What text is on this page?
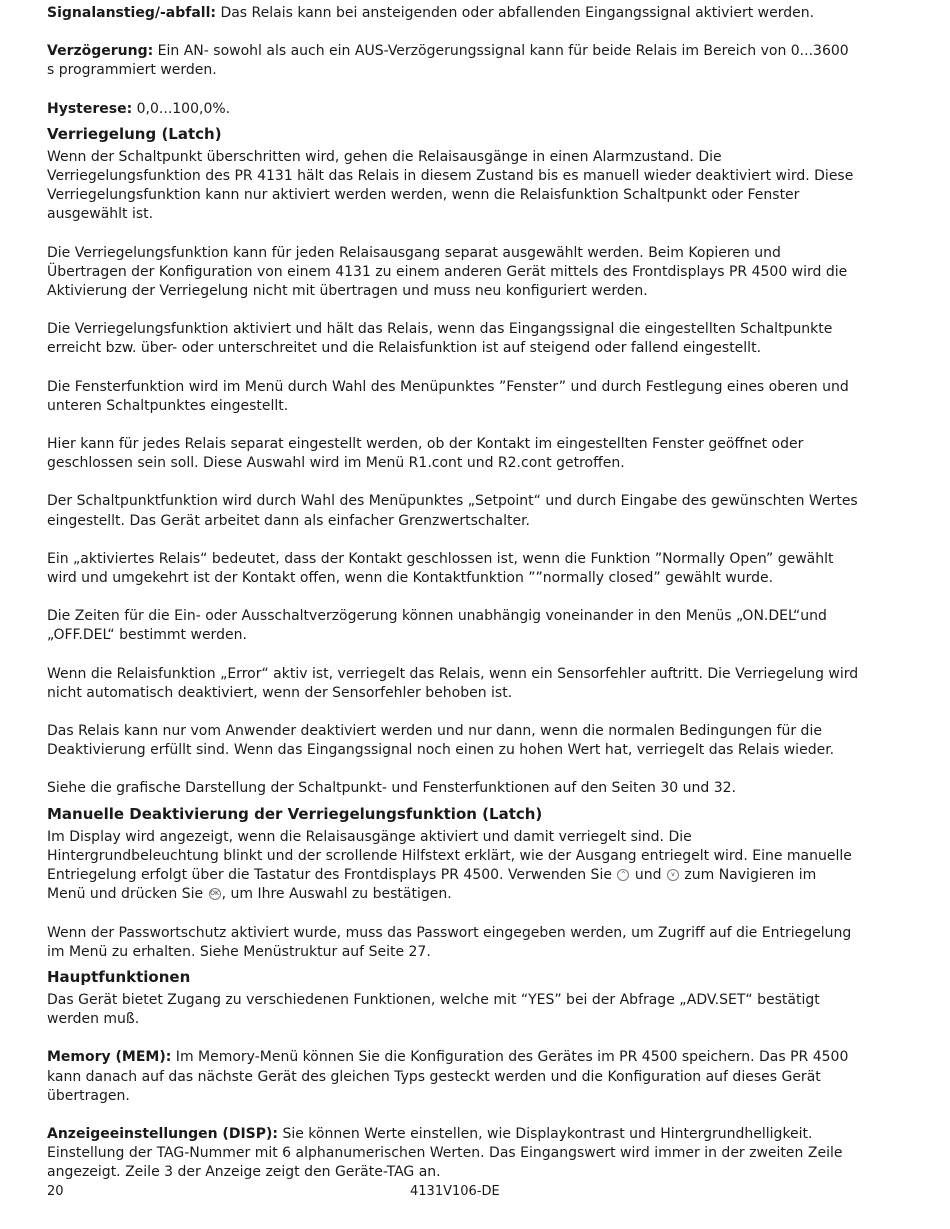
Signalanstieg/-abfall: Das Relais kann bei ansteigenden oder abfallenden Eingangssignal aktiviert werden.

Verzögerung: Ein AN- sowohl als auch ein AUS-Verzögerungssignal kann für beide Relais im Bereich von 0...3600 s programmiert werden.

Hysterese: 0,0...100,0%.

Verriegelung (Latch)

Wenn der Schaltpunkt überschritten wird, gehen die Relaisausgänge in einen Alarmzustand. Die Verriegelungsfunktion des PR 4131 hält das Relais in diesem Zustand bis es manuell wieder deaktiviert wird. Diese Verriegelungsfunktion kann nur aktiviert werden werden, wenn die Relaisfunktion Schaltpunkt oder Fenster ausgewählt ist.

Die Verriegelungsfunktion kann für jeden Relaisausgang separat ausgewählt werden. Beim Kopieren und Übertragen der Konfiguration von einem 4131 zu einem anderen Gerät mittels des Frontdisplays PR 4500 wird die Aktivierung der Verriegelung nicht mit übertragen und muss neu konfiguriert werden.

Die Verriegelungsfunktion aktiviert und hält das Relais, wenn das Eingangssignal die eingestellten Schaltpunkte erreicht bzw. über- oder unterschreitet und die Relaisfunktion ist auf steigend oder fallend eingestellt.

Die Fensterfunktion wird im Menü durch Wahl des Menüpunktes ”Fenster” und durch Festlegung eines oberen und unteren Schaltpunktes eingestellt.

Hier kann für jedes Relais separat eingestellt werden, ob der Kontakt im eingestellten Fenster geöffnet oder geschlossen sein soll. Diese Auswahl wird im Menü R1.cont und R2.cont getroffen.

Der Schaltpunktfunktion wird durch Wahl des Menüpunktes „Setpoint“ und durch Eingabe des gewünschten Wertes eingestellt. Das Gerät arbeitet dann als einfacher Grenzwertschalter.

Ein „aktiviertes Relais“ bedeutet, dass der Kontakt geschlossen ist, wenn die Funktion ”Normally Open” gewählt wird und umgekehrt ist der Kontakt offen, wenn die Kontaktfunktion ””normally closed” gewählt wurde.

Die Zeiten für die Ein- oder Ausschaltverzögerung können unabhängig voneinander in den Menüs „ON.DEL“und „OFF.DEL“ bestimmt werden.

Wenn die Relaisfunktion „Error“ aktiv ist, verriegelt das Relais, wenn ein Sensorfehler auftritt. Die Verriegelung wird nicht automatisch deaktiviert, wenn der Sensorfehler behoben ist.

Das Relais kann nur vom Anwender deaktiviert werden und nur dann, wenn die normalen Bedingungen für die Deaktivierung erfüllt sind. Wenn das Eingangssignal noch einen zu hohen Wert hat, verriegelt das Relais wieder.

Siehe die grafische Darstellung der Schaltpunkt- und Fensterfunktionen auf den Seiten 30 und 32.

Manuelle Deaktivierung der Verriegelungsfunktion (Latch)

Im Display wird angezeigt, wenn die Relaisausgänge aktiviert und damit verriegelt sind. Die Hintergrundbeleuchtung blinkt und der scrollende Hilfstext erklärt, wie der Ausgang entriegelt wird. Eine manuelle Entriegelung erfolgt über die Tastatur des Frontdisplays PR 4500. Verwenden Sie ^ und v zum Navigieren im Menü und drücken Sie OK , um Ihre Auswahl zu bestätigen.

Wenn der Passwortschutz aktiviert wurde, muss das Passwort eingegeben werden, um Zugriff auf die Entriegelung im Menü zu erhalten. Siehe Menüstruktur auf Seite 27.

Hauptfunktionen

Das Gerät bietet Zugang zu verschiedenen Funktionen, welche mit “YES” bei der Abfrage „ADV.SET“ bestätigt werden muß.

Memory (MEM): Im Memory-Menü können Sie die Konfiguration des Gerätes im PR 4500 speichern. Das PR 4500 kann danach auf das nächste Gerät des gleichen Typs gesteckt werden und die Konfiguration auf dieses Gerät übertragen.

Anzeigeeinstellungen (DISP): Sie können Werte einstellen, wie Displaykontrast und Hintergrundhelligkeit. Einstellung der TAG-Nummer mit 6 alphanumerischen Werten. Das Eingangswert wird immer in der zweiten Zeile angezeigt. Zeile 3 der Anzeige zeigt den Geräte-TAG an.

20	4131V106-DE
